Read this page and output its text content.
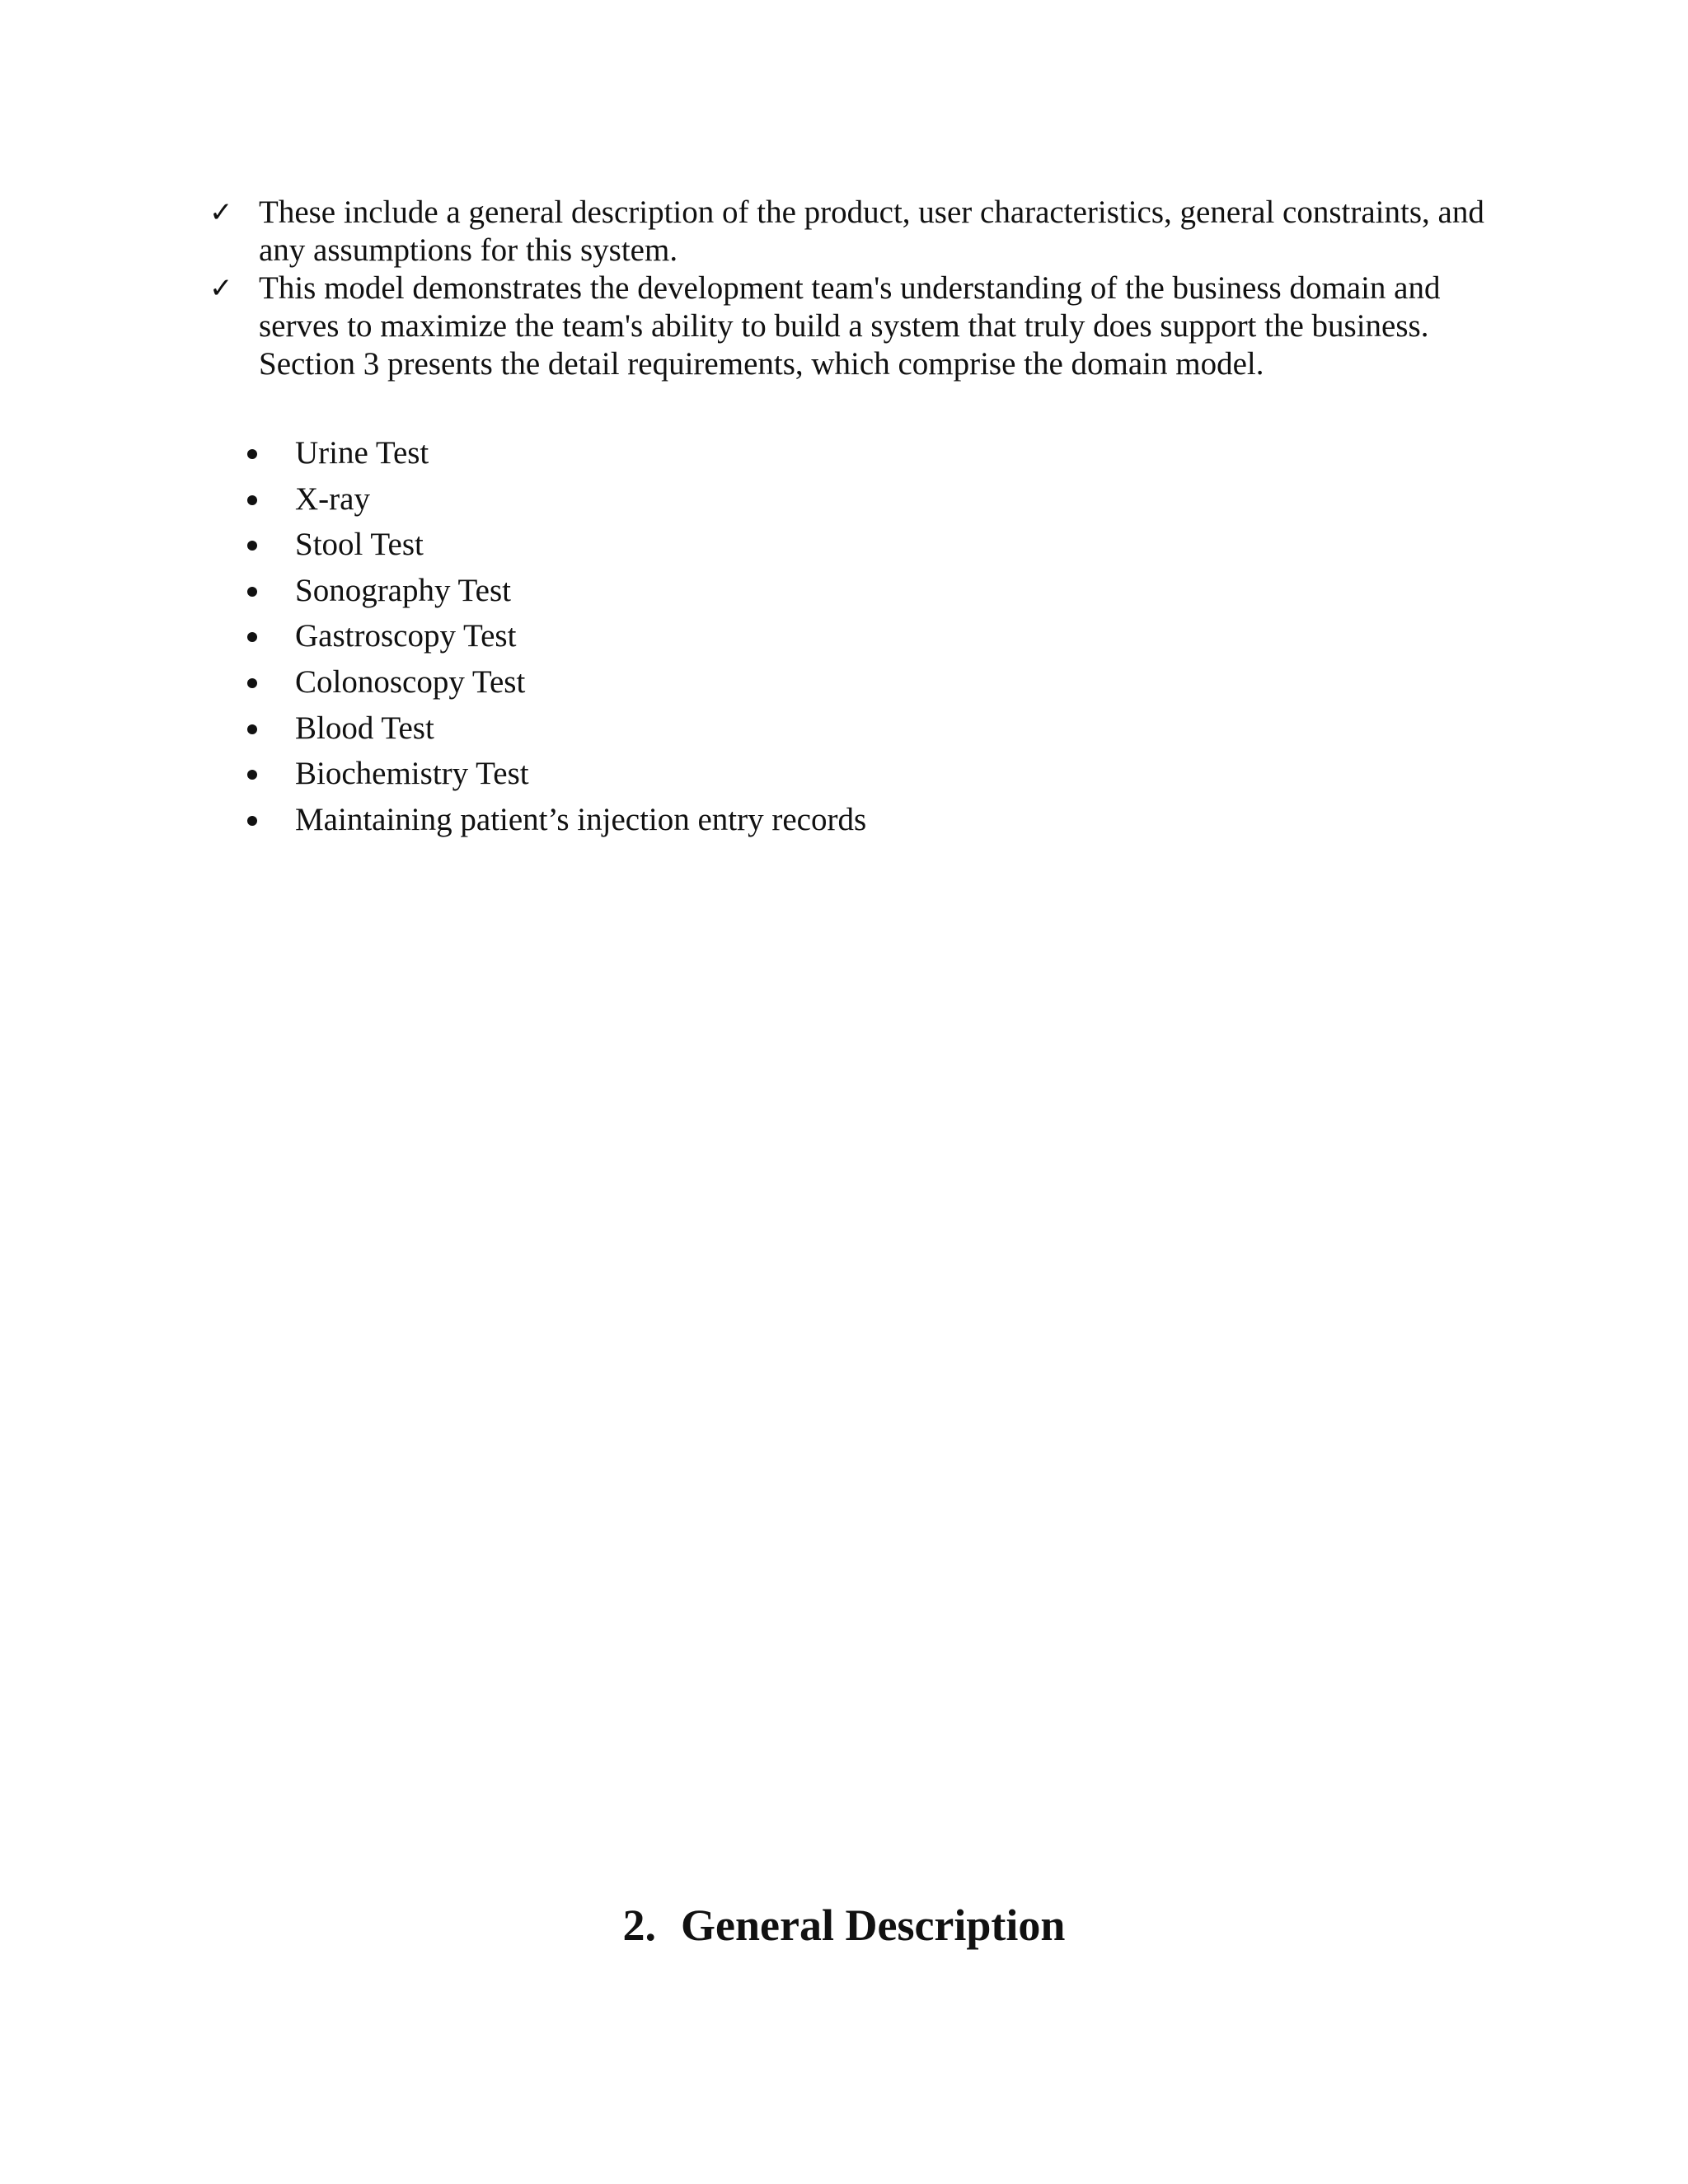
✓ These include a general description of the product, user characteristics, general constraints, and any assumptions for this system.
✓ This model demonstrates the development team's understanding of the business domain and serves to maximize the team's ability to build a system that truly does support the business. Section 3 presents the detail requirements, which comprise the domain model.
Urine Test
X-ray
Stool Test
Sonography Test
Gastroscopy Test
Colonoscopy Test
Blood Test
Biochemistry Test
Maintaining patient’s injection entry records
2. General Description
